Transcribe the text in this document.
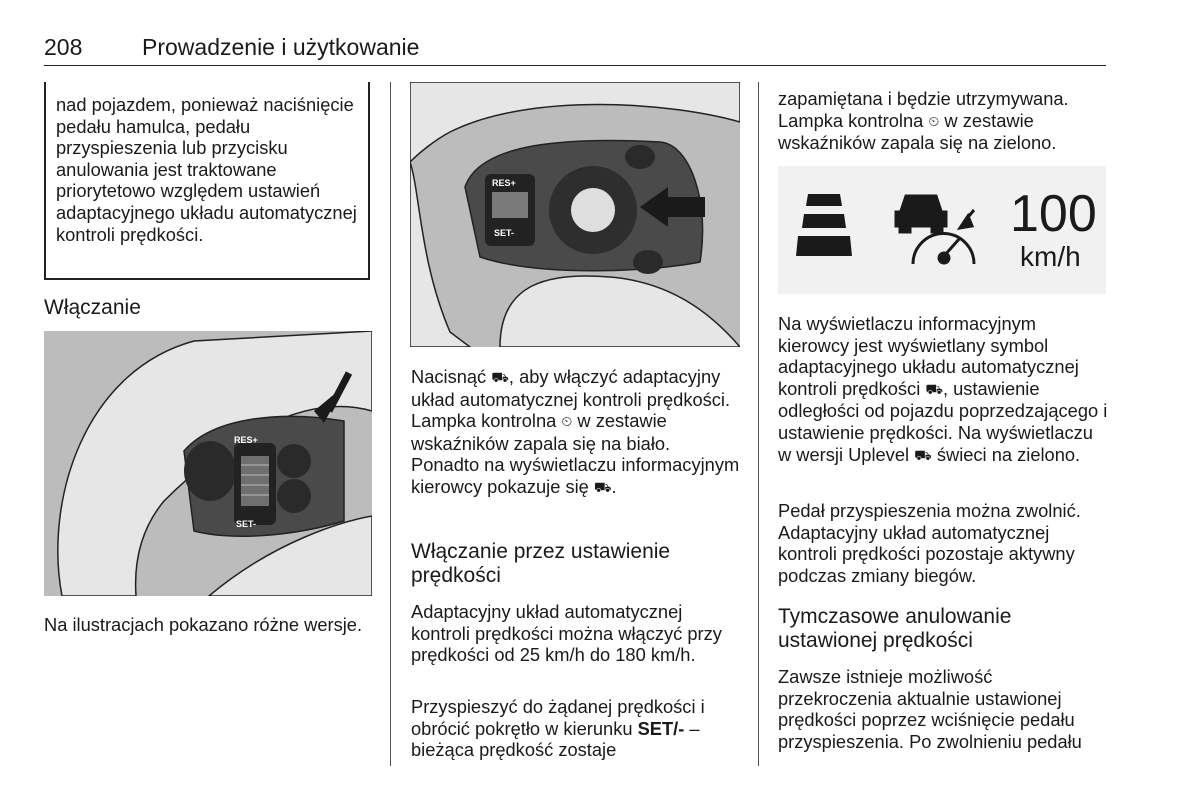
208	Prowadzenie i użytkowanie
nad pojazdem, ponieważ naciśnięcie pedału hamulca, pedału przyspieszenia lub przycisku anulowania jest traktowane priorytetowo względem ustawień adaptacyjnego układu automatycznej kontroli prędkości.
Włączanie
RES+
SET-
Na ilustracjach pokazano różne wersje.
RES+
SET-
Nacisnąć ⛟, aby włączyć adaptacyjny układ automatycznej kontroli prędkości. Lampka kontrolna ⏲ w zestawie wskaźników zapala się na biało. Ponadto na wyświetlaczu informacyjnym kierowcy pokazuje się ⛟.
Włączanie przez ustawienie prędkości
Adaptacyjny układ automatycznej kontroli prędkości można włączyć przy prędkości od 25 km/h do 180 km/h.
Przyspieszyć do żądanej prędkości i obrócić pokrętło w kierunku SET/- – bieżąca prędkość zostaje
zapamiętana i będzie utrzymywana. Lampka kontrolna ⏲ w zestawie wskaźników zapala się na zielono.
100
km/h
Na wyświetlaczu informacyjnym kierowcy jest wyświetlany symbol adaptacyjnego układu automatycznej kontroli prędkości ⛟, ustawienie odległości od pojazdu poprzedzającego i ustawienie prędkości. Na wyświetlaczu w wersji Uplevel ⛟ świeci na zielono.
Pedał przyspieszenia można zwolnić. Adaptacyjny układ automatycznej kontroli prędkości pozostaje aktywny podczas zmiany biegów.
Tymczasowe anulowanie ustawionej prędkości
Zawsze istnieje możliwość przekroczenia aktualnie ustawionej prędkości poprzez wciśnięcie pedału przyspieszenia. Po zwolnieniu pedału
